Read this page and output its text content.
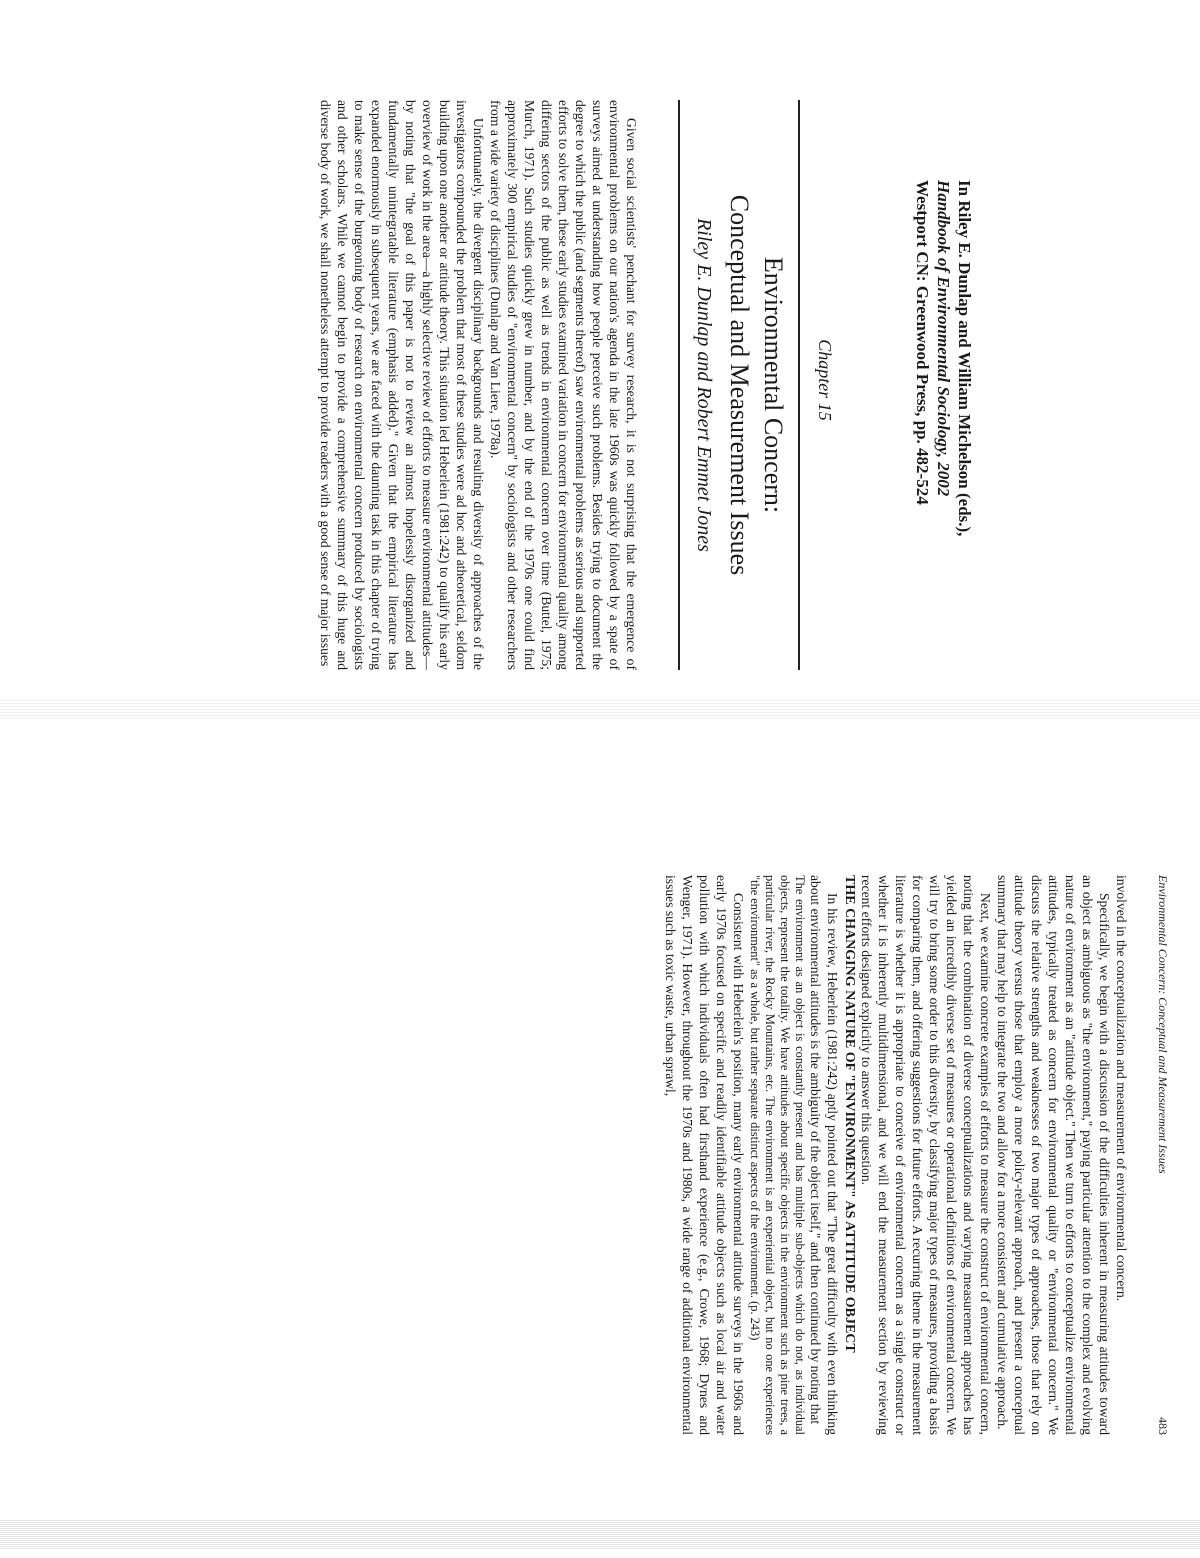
In Riley E. Dunlap and William Michelson (eds.),
Handbook of Environmental Sociology, 2002
Westport CN: Greenwood Press, pp. 482-524
Chapter 15
Environmental Concern:
Conceptual and Measurement Issues
Riley E. Dunlap and Robert Emmet Jones

Given social scientists' penchant for survey research, it is not surprising that the emergence of environmental problems on our nation's agenda in the late 1960s was quickly followed by a spate of surveys aimed at understanding how people perceive such problems. Besides trying to document the degree to which the public (and segments thereof) saw environmental problems as serious and supported efforts to solve them, these early studies examined variation in concern for environmental quality among differing sectors of the public as well as trends in environmental concern over time (Buttel, 1975; Murch, 1971). Such studies quickly grew in number, and by the end of the 1970s one could find approximately 300 empirical studies of "environmental concern" by sociologists and other researchers from a wide variety of disciplines (Dunlap and Van Liere, 1978a).

Unfortunately, the divergent disciplinary backgrounds and resulting diversity of approaches of the investigators compounded the problem that most of these studies were ad hoc and atheoretical, seldom building upon one another or attitude theory. This situation led Heberlein (1981:242) to qualify his early overview of work in the area—a highly selective review of efforts to measure environmental attitudes—by noting that "the goal of this paper is not to review an almost hopelessly disorganized and fundamentally unintegratable literature (emphasis added)." Given that the empirical literature has expanded enormously in subsequent years, we are faced with the daunting task in this chapter of trying to make sense of the burgeoning body of research on environmental concern produced by sociologists and other scholars. While we cannot begin to provide a comprehensive summary of this huge and diverse body of work, we shall nonetheless attempt to provide readers with a good sense of major issues

Environmental Concern: Conceptual and Measurement Issues
483

involved in the conceptualization and measurement of environmental concern.

Specifically, we begin with a discussion of the difficulties inherent in measuring attitudes toward an object as ambiguous as "the environment," paying particular attention to the complex and evolving nature of environment as an "attitude object." Then we turn to efforts to conceptualize environmental attitudes, typically treated as concern for environmental quality or "environmental concern." We discuss the relative strengths and weaknesses of two major types of approaches, those that rely on attitude theory versus those that employ a more policy-relevant approach, and present a conceptual summary that may help to integrate the two and allow for a more consistent and cumulative approach.

Next, we examine concrete examples of efforts to measure the construct of environmental concern, noting that the combination of diverse conceptualizations and varying measurement approaches has yielded an incredibly diverse set of measures or operational definitions of environmental concern. We will try to bring some order to this diversity, by classifying major types of measures, providing a basis for comparing them, and offering suggestions for future efforts. A recurring theme in the measurement literature is whether it is appropriate to conceive of environmental concern as a single construct or whether it is inherently multidimensional, and we will end the measurement section by reviewing recent efforts designed explicitly to answer this question.

THE CHANGING NATURE OF "ENVIRONMENT" AS ATTITUDE OBJECT

In his review, Heberlein (1981:242) aptly pointed out that "The great difficulty with even thinking about environmental attitudes is the ambiguity of the object itself," and then continued by noting that

The environment as an object is constantly present and has multiple sub-objects which do not, as individual objects, represent the totality. We have attitudes about specific objects in the environment such as pine trees, a particular river, the Rocky Mountains, etc. The environment is an experiential object, but no one experiences "the environment" as a whole, but rather separate distinct aspects of the environment. (p. 243)

Consistent with Heberlein's position, many early environmental attitude surveys in the 1960s and early 1970s focused on specific and readily identifiable attitude objects such as local air and water pollution with which individuals often had firsthand experience (e.g., Crowe, 1968; Dynes and Wenger, 1971). However, throughout the 1970s and 1980s, a wide range of additional environmental issues such as toxic waste, urban sprawl,
